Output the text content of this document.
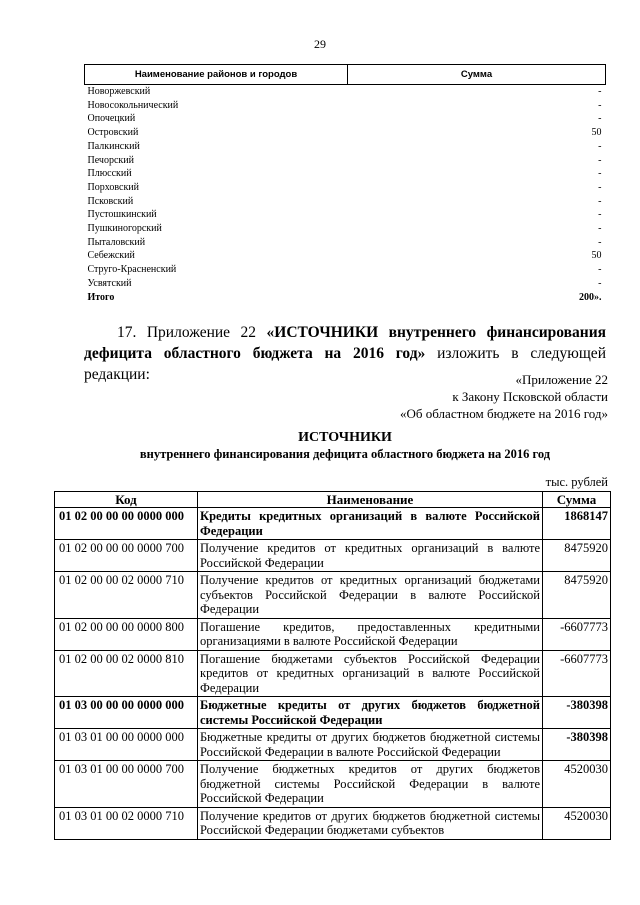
29
Наименование районов и городов	Сумма
Новоржевский	-
Новосокольнический	-
Опочецкий	-
Островский	50
Палкинский	-
Печорский	-
Плюсский	-
Порховский	-
Псковский	-
Пустошкинский	-
Пушкиногорский	-
Пыталовский	-
Себежский	50
Струго-Красненский	-
Усвятский	-
Итого	200».
17. Приложение 22 «ИСТОЧНИКИ внутреннего финансирования дефицита областного бюджета на 2016 год» изложить в следующей редакции:	«Приложение 22
к Закону Псковской области
«Об областном бюджете на 2016 год»
ИСТОЧНИКИ
внутреннего финансирования дефицита областного бюджета на 2016 год
тыс. рублей
Код	Наименование	Сумма
01 02 00 00 00 0000 000	Кредиты кредитных организаций в валюте Российской Федерации	1868147
01 02 00 00 00 0000 700	Получение кредитов от кредитных организаций в валюте Российской Федерации	8475920
01 02 00 00 02 0000 710	Получение кредитов от кредитных организаций бюджетами субъектов Российской Федерации в валюте Российской Федерации	8475920
01 02 00 00 00 0000 800	Погашение кредитов, предоставленных кредитными организациями в валюте Российской Федерации	-6607773
01 02 00 00 02 0000 810	Погашение бюджетами субъектов Российской Федерации кредитов от кредитных организаций в валюте Российской Федерации	-6607773
01 03 00 00 00 0000 000	Бюджетные кредиты от других бюджетов бюджетной системы Российской Федерации	-380398
01 03 01 00 00 0000 000	Бюджетные кредиты от других бюджетов бюджетной системы Российской Федерации в валюте Российской Федерации	-380398
01 03 01 00 00 0000 700	Получение бюджетных кредитов от других бюджетов бюджетной системы Российской Федерации в валюте Российской Федерации	4520030
01 03 01 00 02 0000 710	Получение кредитов от других бюджетов бюджетной системы Российской Федерации бюджетами субъектов	4520030
